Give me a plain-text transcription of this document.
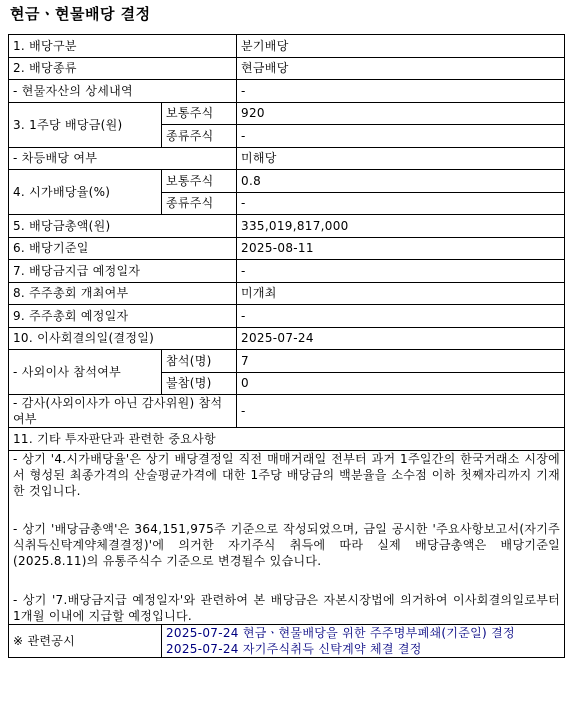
현금ㆍ현물배당 결정
1. 배당구분		분기배당
2. 배당종류		현금배당
- 현물자산의 상세내역		-
3. 1주당 배당금(원)	보통주식	920
	종류주식	-
- 차등배당 여부		미해당
4. 시가배당율(%)	보통주식	0.8
	종류주식	-
5. 배당금총액(원)		335,019,817,000
6. 배당기준일		2025-08-11
7. 배당금지급 예정일자		-
8. 주주총회 개최여부		미개최
9. 주주총회 예정일자		-
10. 이사회결의일(결정일)		2025-07-24
- 사외이사 참석여부	참석(명)	7
	불참(명)	0
- 감사(사외이사가 아닌 감사위원) 참석여부		-
11. 기타 투자판단과 관련한 중요사항		

- 상기 '4.시가배당율'은 상기 배당결정일 직전 매매거래일 전부터 과거 1주일간의 한국거래소 시장에서 형성된 최종가격의 산술평균가격에 대한 1주당 배당금의 백분율을 소수점 이하 첫째자리까지 기재한 것입니다.

- 상기 '배당금총액'은 364,151,975주 기준으로 작성되었으며, 금일 공시한 '주요사항보고서(자기주식취득신탁계약체결결정)'에 의거한 자기주식 취득에 따라 실제 배당금총액은 배당기준일(2025.8.11)의 유통주식수 기준으로 변경될수 있습니다.

- 상기 '7.배당금지급 예정일자'와 관련하여 본 배당금은 자본시장법에 의거하여 이사회결의일로부터 1개월 이내에 지급할 예정입니다.		

※ 관련공시	2025-07-24 현금ㆍ현물배당을 위한 주주명부폐쇄(기준일) 결정
2025-07-24 자기주식취득 신탁계약 체결 결정	
